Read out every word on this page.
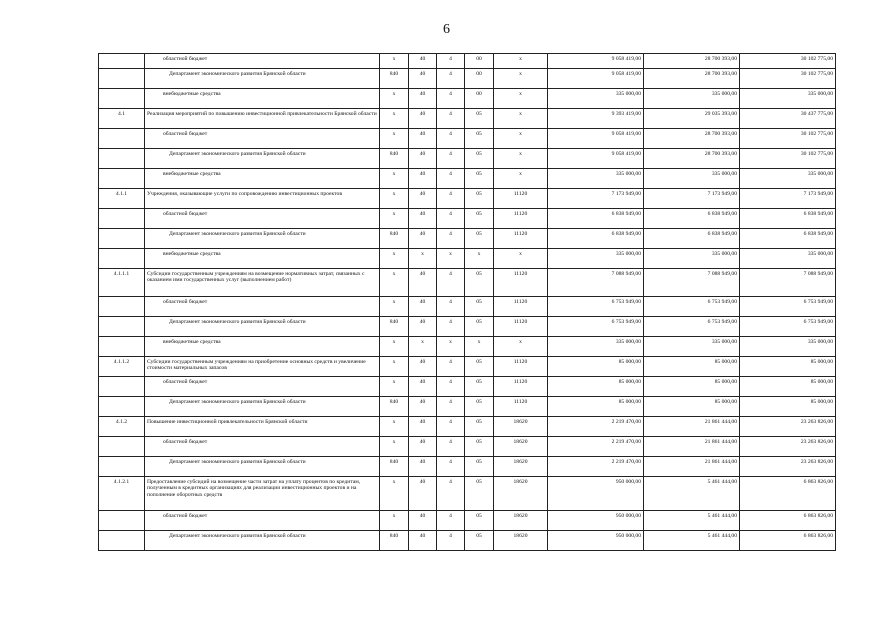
6
	областной бюджет	х	40	4	00	х	9 058 419,00	28 700 393,00	30 102 775,00
	Департамент экономического развития Брянской области	840	40	4	00	х	9 058 419,00	28 700 393,00	30 102 775,00
	внебюджетные средства	х	40	4	00	х	335 000,00	335 000,00	335 000,00
4.1	Реализация мероприятий по повышению инвестиционной привлекательности Брянской области	х	40	4	05	х	9 393 419,00	29 035 393,00	30 437 775,00
	областной бюджет	х	40	4	05	х	9 058 419,00	28 700 393,00	30 102 775,00
	Департамент экономического развития Брянской области	840	40	4	05	х	9 058 419,00	28 700 393,00	30 102 775,00
	внебюджетные средства	х	40	4	05	х	335 000,00	335 000,00	335 000,00
4.1.1	Учреждения, оказывающие услуги по сопровождению инвестиционных проектов	х	40	4	05	11120	7 173 949,00	7 173 949,00	7 173 949,00
	областной бюджет	х	40	4	05	11120	6 838 949,00	6 838 949,00	6 838 949,00
	Департамент экономического развития Брянской области	840	40	4	05	11120	6 838 949,00	6 838 949,00	6 838 949,00
	внебюджетные средства	х	х	х	х	х	335 000,00	335 000,00	335 000,00
4.1.1.1	Субсидии государственным учреждениям на возмещение нормативных затрат, связанных с оказанием ими государственных услуг (выполнением работ)	х	40	4	05	11120	7 088 949,00	7 088 949,00	7 088 949,00
	областной бюджет	х	40	4	05	11120	6 753 949,00	6 753 949,00	6 753 949,00
	Департамент экономического развития Брянской области	840	40	4	05	11120	6 753 949,00	6 753 949,00	6 753 949,00
	внебюджетные средства	х	х	х	х	х	335 000,00	335 000,00	335 000,00
4.1.1.2	Субсидии государственным учреждениям на приобретение основных средств и увеличение стоимости материальных запасов	х	40	4	05	11120	85 000,00	85 000,00	85 000,00
	областной бюджет	х	40	4	05	11120	85 000,00	85 000,00	85 000,00
	Департамент экономического развития Брянской области	840	40	4	05	11120	85 000,00	85 000,00	85 000,00
4.1.2	Повышение инвестиционной привлекательности Брянской области	х	40	4	05	18620	2 219 470,00	21 861 444,00	23 263 826,00
	областной бюджет	х	40	4	05	18620	2 219 470,00	21 861 444,00	23 263 826,00
	Департамент экономического развития Брянской области	840	40	4	05	18620	2 219 470,00	21 861 444,00	23 263 826,00
4.1.2.1	Предоставление субсидий на возмещение части затрат на уплату процентов по кредитам, полученным в кредитных организациях для реализации инвестиционных проектов и на пополнение оборотных средств	х	40	4	05	18620	950 000,00	5 461 444,00	6 863 826,00
	областной бюджет	х	40	4	05	18620	950 000,00	5 461 444,00	6 863 826,00
	Департамент экономического развития Брянской области	840	40	4	05	18620	950 000,00	5 461 444,00	6 863 826,00
